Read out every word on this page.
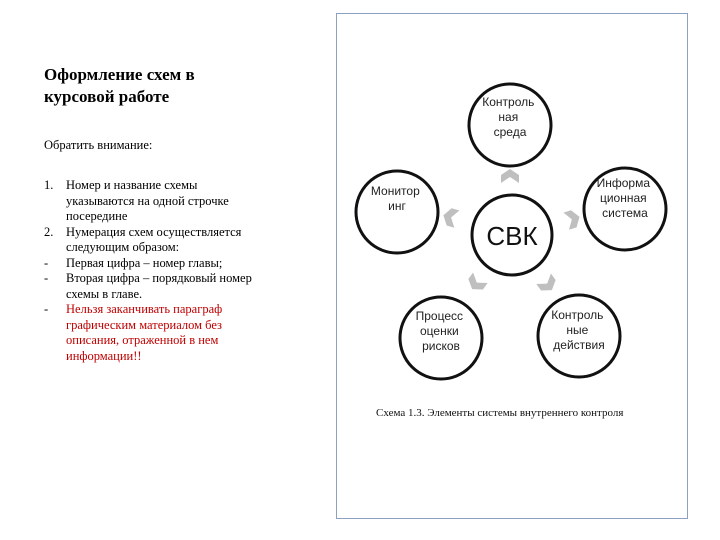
Оформление схем в
курсовой работе
Обратить внимание:
1. Номер и название схемы указываются на одной строчке посередине
2. Нумерация схем осуществляется следующим образом:
- Первая цифра – номер главы;
- Вторая цифра – порядковый номер схемы в главе.
- Нельзя заканчивать параграф графическим материалом без описания, отраженной в нем информации!!
СВК
Контроль ная среда
Монитор инг
Информа ционная система
Процесс оценки рисков
Контроль ные действия
Схема 1.3. Элементы системы внутреннего контроля
